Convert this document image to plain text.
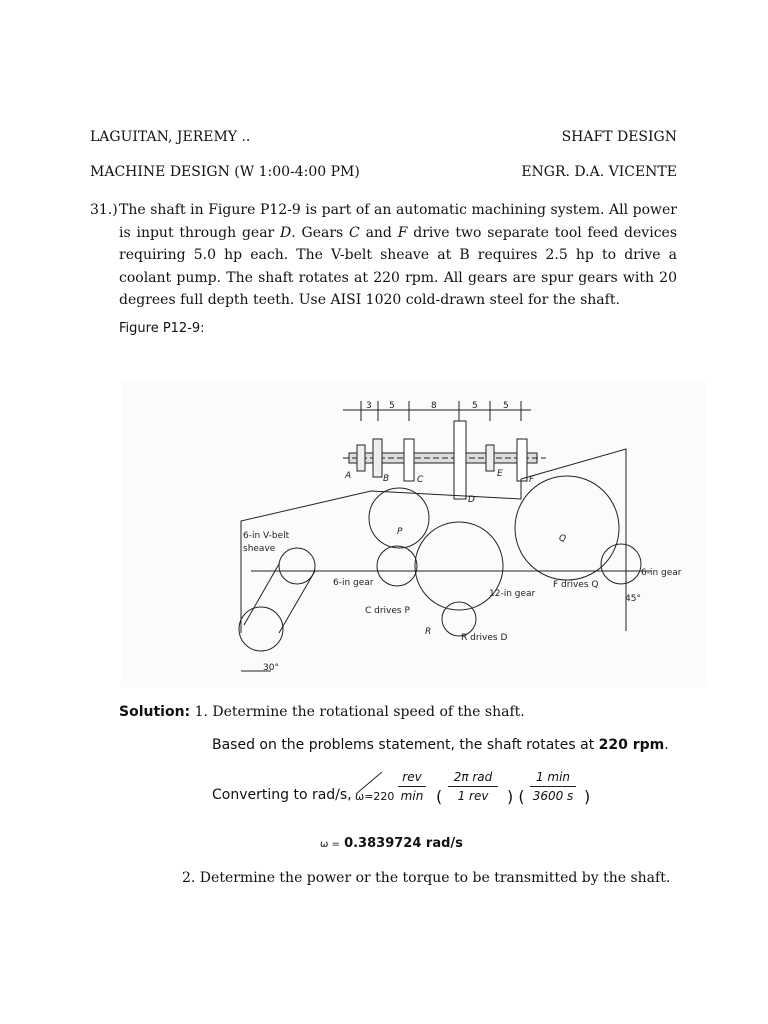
LAGUITAN, JEREMY ..	SHAFT DESIGN
MACHINE DESIGN (W 1:00-4:00 PM)	ENGR. D.A. VICENTE
31.) The shaft in Figure P12-9 is part of an automatic machining system. All power is input through gear D. Gears C and F drive two separate tool feed devices requiring 5.0 hp each. The V-belt sheave at B requires 2.5 hp to drive a coolant pump. The shaft rotates at 220 rpm. All gears are spur gears with 20 degrees full depth teeth. Use AISI 1020 cold-drawn steel for the shaft.
Figure P12-9:
3 5	8	5	5
A	B	C
D
E
F
P
Q
R
6-in V-belt
sheave
6-in gear
6-in gear
12-in gear
C drives P
F drives Q
R drives D
30°
45°
Solution: 1. Determine the rotational speed of the shaft.
Based on the problems statement, the shaft rotates at 220 rpm.
Converting to rad/s, ω=220
rev
min (
2π rad
1 rev	) (
1 min
3600 s )
ω = 0.3839724 rad/s
2. Determine the power or the torque to be transmitted by the shaft.
